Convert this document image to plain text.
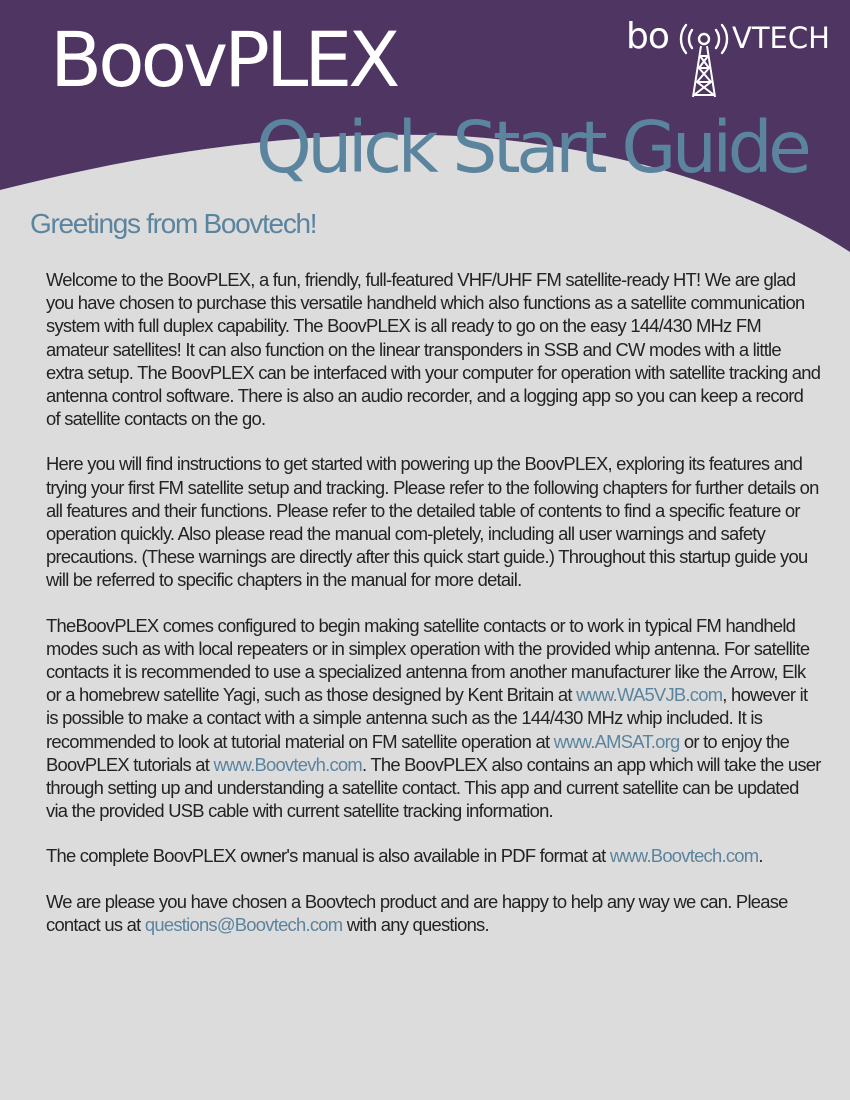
BoovPLEX	bo VTECH
Quick Start Guide
Greetings from Boovtech!

Welcome to the BoovPLEX, a fun, friendly, full-featured VHF/UHF FM satellite-ready HT! We are glad you have chosen to purchase this versatile handheld which also functions as a satellite communication system with full duplex capability. The BoovPLEX is all ready to go on the easy 144/430 MHz FM amateur satellites! It can also function on the linear transponders in SSB and CW modes with a little extra setup. The BoovPLEX can be interfaced with your computer for operation with satellite tracking and antenna control software. There is also an audio recorder, and a logging app so you can keep a record of satellite contacts on the go.

Here you will find instructions to get started with powering up the BoovPLEX, exploring its features and trying your first FM satellite setup and tracking. Please refer to the following chapters for further details on all features and their functions. Please refer to the detailed table of contents to find a specific feature or operation quickly. Also please read the manual com-pletely, including all user warnings and safety precautions. (These warnings are directly after this quick start guide.) Throughout this startup guide you will be referred to specific chapters in the manual for more detail.

TheBoovPLEX comes configured to begin making satellite contacts or to work in typical FM handheld modes such as with local repeaters or in simplex operation with the provided whip antenna. For satellite contacts it is recommended to use a specialized antenna from another manufacturer like the Arrow, Elk or a homebrew satellite Yagi, such as those designed by Kent Britain at www.WA5VJB.com, however it is possible to make a contact with a simple antenna such as the 144/430 MHz whip included. It is recommended to look at tutorial material on FM satellite operation at www.AMSAT.org or to enjoy the BoovPLEX tutorials at www.Boovtevh.com. The BoovPLEX also contains an app which will take the user through setting up and understanding a satellite contact. This app and current satellite can be updated via the provided USB cable with current satellite tracking information.

The complete BoovPLEX owner's manual is also available in PDF format at www.Boovtech.com.

We are please you have chosen a Boovtech product and are happy to help any way we can. Please contact us at questions@Boovtech.com with any questions.
